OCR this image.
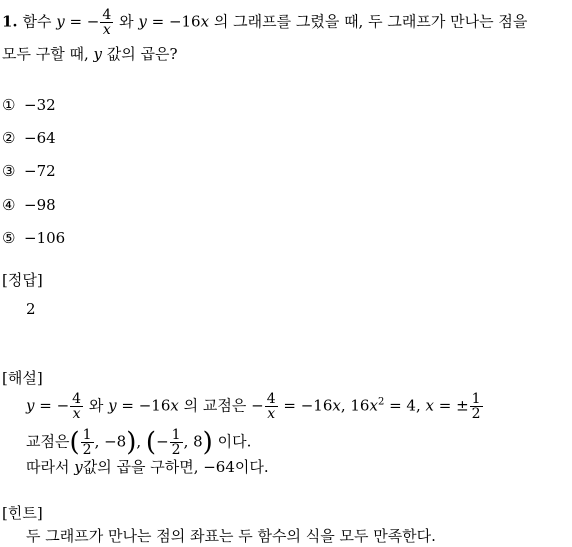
1. 함수 y = − $\frac{4}{x}$ 와 y = −16x 의 그래프를 그렸을 때, 두 그래프가 만나는 점을
모두 구할 때, y 값의 곱은?
① −32
② −64
③ −72
④ −98
⑤ −106
[정답]
2
[해설]
y = − $\frac{4}{x}$ 와 y = −16x 의 교점은 − $\frac{4}{x} = -16x$, $16x^2 = 4$, x = ± $\frac{1}{2}$
교점은( $\frac{1}{2}$ , −8), (− $\frac{1}{2}$ , 8) 이다.
따라서 y값의 곱을 구하면, −64이다.
[힌트]
두 그래프가 만나는 점의 좌표는 두 함수의 식을 모두 만족한다.
